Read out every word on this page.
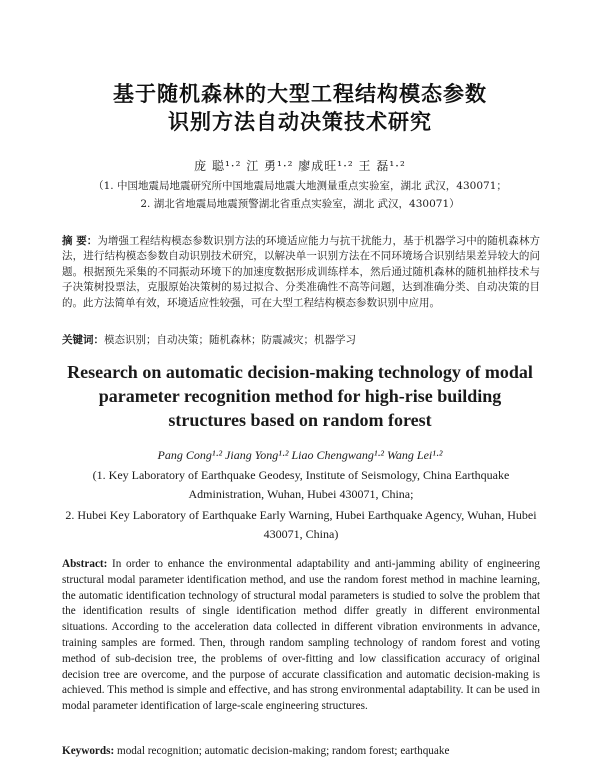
基于随机森林的大型工程结构模态参数
识别方法自动决策技术研究
庞 聪¹·² 江 勇¹·² 廖成旺¹·² 王 磊¹·²
（1. 中国地震局地震研究所中国地震局地震大地测量重点实验室，湖北 武汉，430071；
2. 湖北省地震局地震预警湖北省重点实验室，湖北 武汉，430071）
摘 要：为增强工程结构模态参数识别方法的环境适应能力与抗干扰能力，基于机器学习中的随机森林方法，进行结构模态参数自动识别技术研究，以解决单一识别方法在不同环境场合识别结果差异较大的问题。根据预先采集的不同振动环境下的加速度数据形成训练样本，然后通过随机森林的随机抽样技术与子决策树投票法，克服原始决策树的易过拟合、分类准确性不高等问题，达到准确分类、自动决策的目的。此方法简单有效，环境适应性较强，可在大型工程结构模态参数识别中应用。
关键词：模态识别；自动决策；随机森林；防震减灾；机器学习
Research on automatic decision-making technology of modal
parameter recognition method for high-rise building
structures based on random forest
Pang Cong¹·² Jiang Yong¹·² Liao Chengwang¹·² Wang Lei¹·²
(1. Key Laboratory of Earthquake Geodesy, Institute of Seismology, China Earthquake Administration, Wuhan, Hubei 430071, China;
2. Hubei Key Laboratory of Earthquake Early Warning, Hubei Earthquake Agency, Wuhan, Hubei 430071, China)
Abstract: In order to enhance the environmental adaptability and anti-jamming ability of engineering structural modal parameter identification method, and use the random forest method in machine learning, the automatic identification technology of structural modal parameters is studied to solve the problem that the identification results of single identification method differ greatly in different environmental situations. According to the acceleration data collected in different vibration environments in advance, training samples are formed. Then, through random sampling technology of random forest and voting method of sub-decision tree, the problems of over-fitting and low classification accuracy of original decision tree are overcome, and the purpose of accurate classification and automatic decision-making is achieved. This method is simple and effective, and has strong environmental adaptability. It can be used in modal parameter identification of large-scale engineering structures.
Keywords: modal recognition; automatic decision-making; random forest; earthquake
